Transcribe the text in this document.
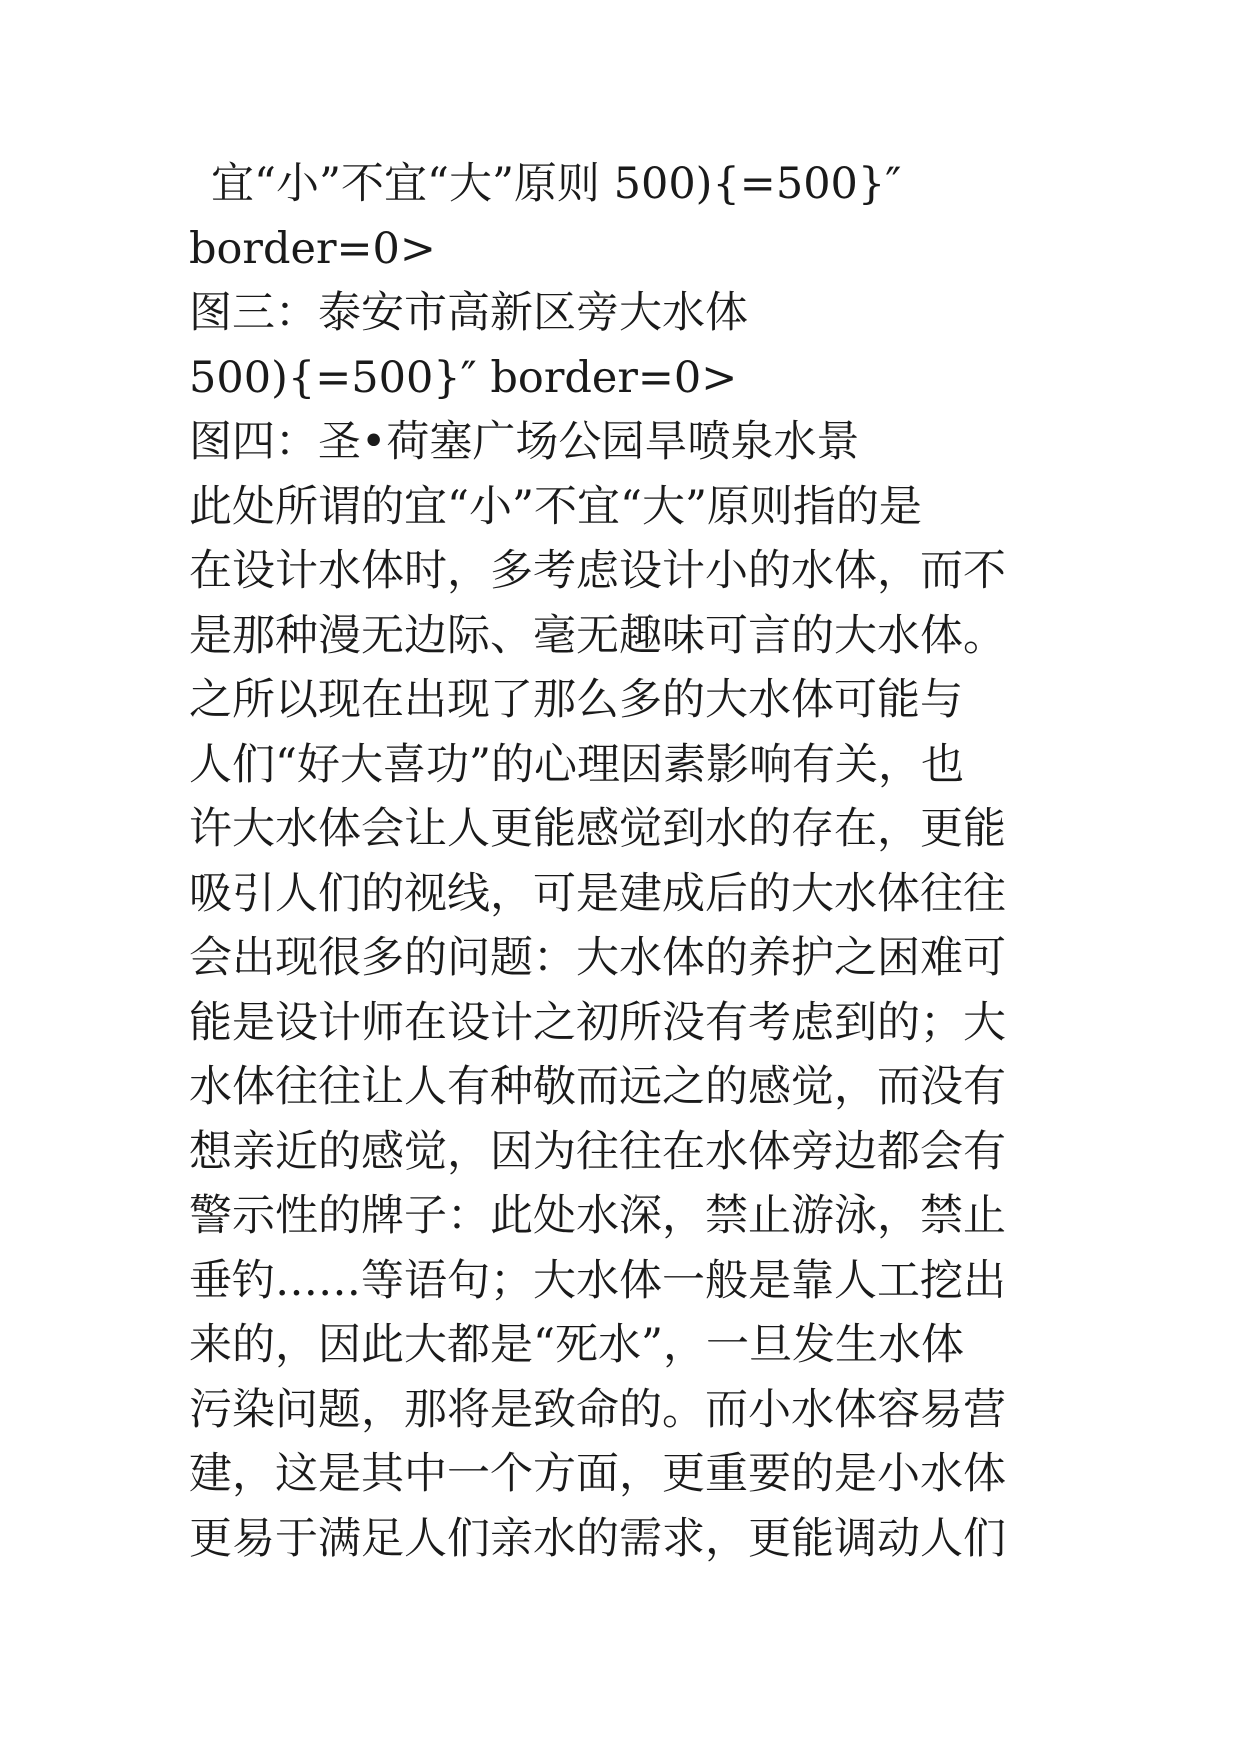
宜“小”不宜“大”原则 500){=500}″
border=0>
图三：泰安市高新区旁大水体
500){=500}″ border=0>
图四：圣•荷塞广场公园旱喷泉水景
此处所谓的宜“小”不宜“大”原则指的是
在设计水体时，多考虑设计小的水体，而不
是那种漫无边际、毫无趣味可言的大水体。
之所以现在出现了那么多的大水体可能与
人们“好大喜功”的心理因素影响有关，也
许大水体会让人更能感觉到水的存在，更能
吸引人们的视线，可是建成后的大水体往往
会出现很多的问题：大水体的养护之困难可
能是设计师在设计之初所没有考虑到的；大
水体往往让人有种敬而远之的感觉，而没有
想亲近的感觉，因为往往在水体旁边都会有
警示性的牌子：此处水深，禁止游泳，禁止
垂钓……等语句；大水体一般是靠人工挖出
来的，因此大都是“死水”，一旦发生水体
污染问题，那将是致命的。而小水体容易营
建，这是其中一个方面，更重要的是小水体
更易于满足人们亲水的需求，更能调动人们
